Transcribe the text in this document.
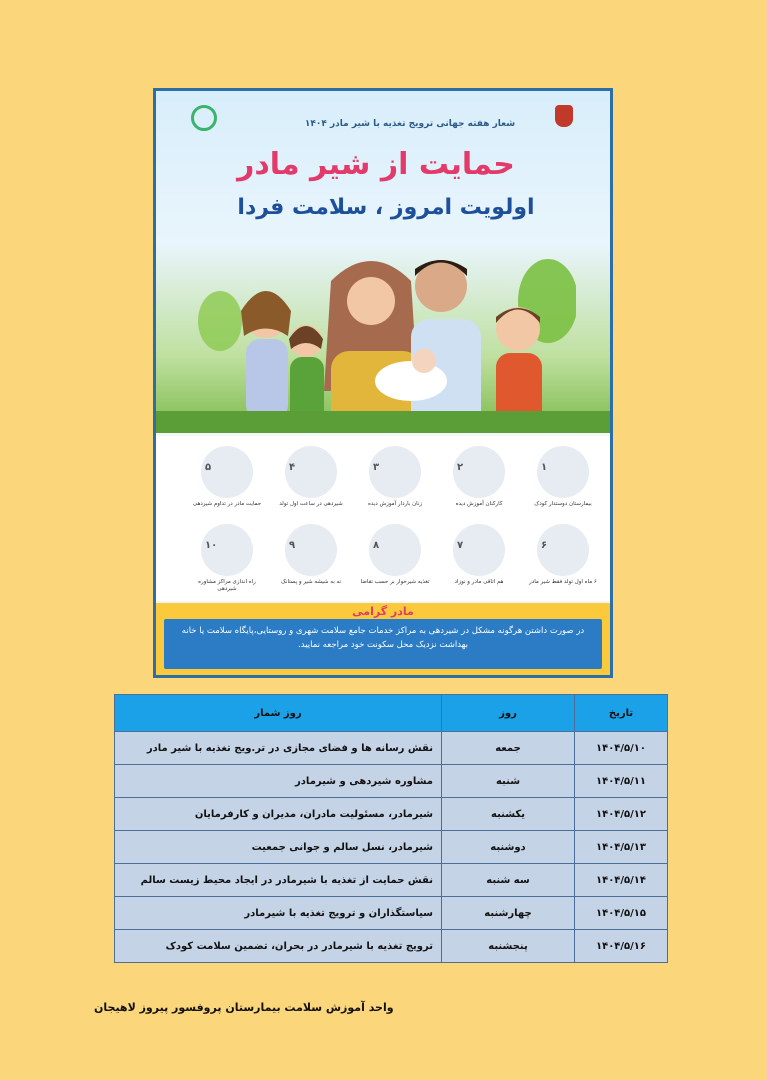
شعار هفته جهانی ترویج تغذیه با شیر مادر ۱۴۰۴
حمایت از شیر مادر
اولویت امروز ، سلامت فردا
۱
بیمارستان دوستدار کودک
۲
کارکنان آموزش دیده
۳
زنان باردار آموزش دیده
۴
شیردهی در ساعت اول تولد
۵
حمایت مادر در تداوم شیردهی
۶
۶ ماه اول تولد فقط شیر مادر
۷
هم اتاقی مادر و نوزاد
۸
تغذیه شیرخوار بر حسب تقاضا
۹
نه به شیشه شیر و پستانک
۱۰
راه اندازی مراکز مشاوره شیردهی
مادر گرامی
در صورت داشتن هرگونه مشکل در شیردهی به مراکز خدمات جامع سلامت شهری و روستایی،پایگاه سلامت یا خانه بهداشت نزدیک محل سکونت خود مراجعه نمایید.
تاریخ	روز	روز شمار
۱۴۰۴/۵/۱۰	جمعه	نقش رسانه ها و فضای مجازی در تر.ویج تغذیه با شیر مادر
۱۴۰۴/۵/۱۱	شنبه	مشاوره شیردهی و شیرمادر
۱۴۰۴/۵/۱۲	یکشنبه	شیرمادر، مسئولیت مادران، مدیران و کارفرمایان
۱۴۰۴/۵/۱۳	دوشنبه	شیرمادر، نسل سالم و جوانی جمعیت
۱۴۰۴/۵/۱۴	سه شنبه	نقش حمایت از تغذیه با شیرمادر در ایجاد محیط زیست سالم
۱۴۰۴/۵/۱۵	چهارشنبه	سیاستگذاران و ترویج تغذیه با شیرمادر
۱۴۰۴/۵/۱۶	پنجشنبه	ترویج تغذیه با شیرمادر در بحران، تضمین سلامت کودک
واحد آموزش سلامت بیمارستان پروفسور پیروز لاهیجان
